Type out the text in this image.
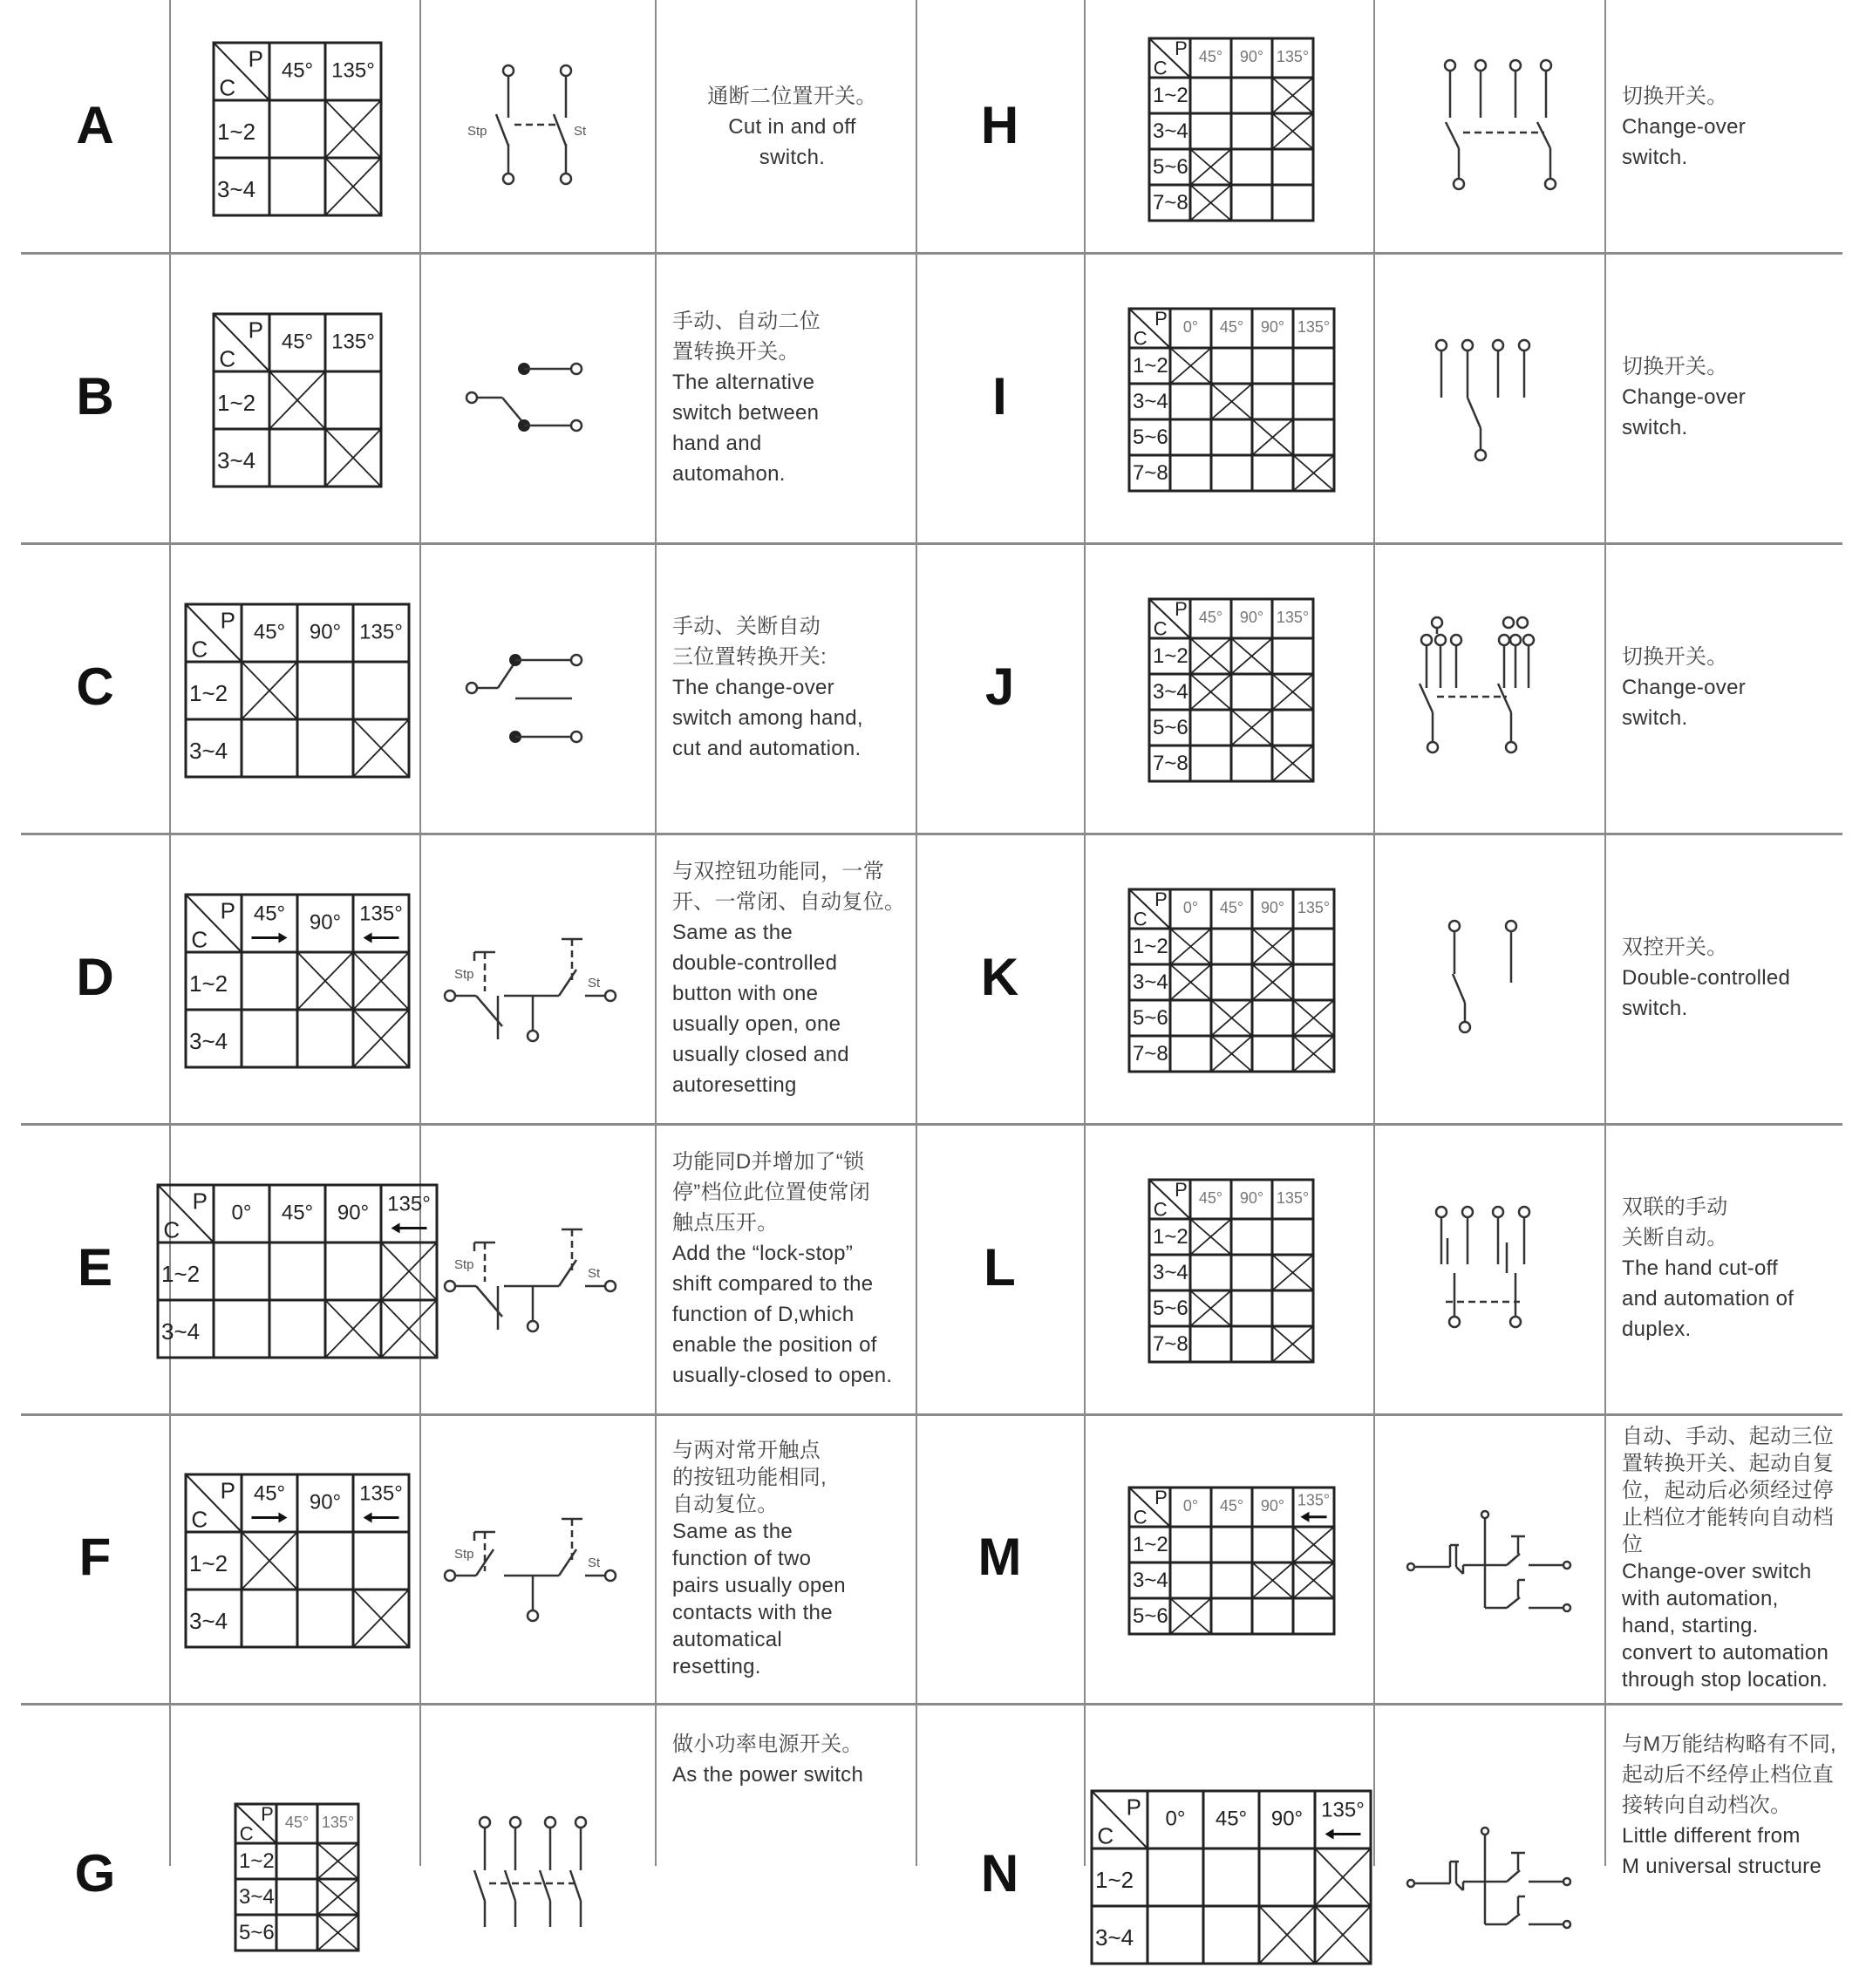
A
P
C
45° 135°
1~2
3~4
Stp	St
通断二位置开关。
Cut in and off
switch.
H
P
C
45° 90° 135°
1~2
3~4
5~6
7~8
切换开关。
Change-over
switch.
B
P
C
45° 135°
1~2
3~4
手动、自动二位
置转换开关。
The alternative
switch between
hand and
automahon.
I
P
C
0° 45° 90° 135°
1~2
3~4
5~6
7~8
切换开关。
Change-over
switch.
C
P
C
45° 90° 135°
1~2
3~4
手动、关断自动
三位置转换开关:
The change-over
switch among hand,
cut and automation.
J
P
C
45° 90° 135°
1~2
3~4
5~6
7~8
切换开关。
Change-over
switch.
D
P
C
45° 90° 135°
1~2
3~4
Stp
St
与双控钮功能同，一常
开、一常闭、自动复位。
Same as the
double-controlled
button with one
usually open, one
usually closed and
autoresetting
K
P
C
0° 45° 90° 135°
1~2
3~4
5~6
7~8
双控开关。
Double-controlled
switch.
E
P
C
0° 45° 90° 135°
1~2
3~4
Stp
St
功能同D并增加了“锁
停”档位此位置使常闭
触点压开。
Add the “lock-stop”
shift compared to the
function of D,which
enable the position of
usually-closed to open.
L
P
C
45° 90° 135°
1~2
3~4
5~6
7~8
双联的手动
关断自动。
The hand cut-off
and automation of
duplex.
F
P
C
45° 90° 135°
1~2
3~4
Stp
St
与两对常开触点
的按钮功能相同,
自动复位。
Same as the
function of two
pairs usually open
contacts with the
automatical
resetting.
M
P
C
0° 45° 90° 135°
1~2
3~4
5~6
自动、手动、起动三位
置转换开关、起动自复
位，起动后必须经过停
止档位才能转向自动档
位
Change-over switch
with automation,
hand, starting.
convert to automation
through stop location.
G
P
C
45° 135°
1~2
3~4
5~6
做小功率电源开关。
As the power switch
N
P
C
0° 45° 90° 135°
1~2
3~4
与M万能结构略有不同,
起动后不经停止档位直
接转向自动档次。
Little different from
M universal structure
